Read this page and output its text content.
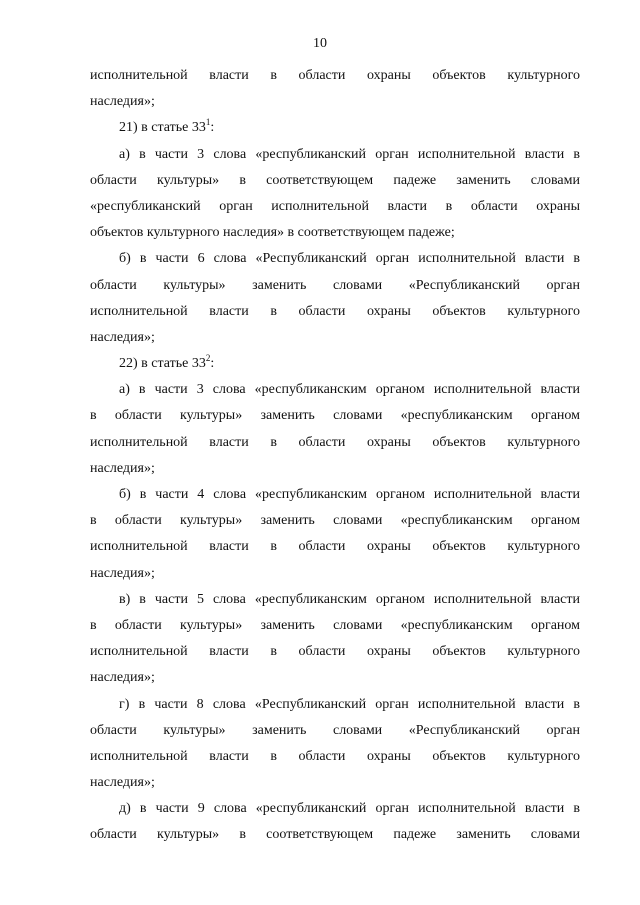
10
исполнительной власти в области охраны объектов культурного
наследия»;
21) в статье $33^1$:
а) в части 3 слова «республиканский орган исполнительной власти в
области культуры» в соответствующем падеже заменить словами
«республиканский орган исполнительной власти в области охраны
объектов культурного наследия» в соответствующем падеже;
б) в части 6 слова «Республиканский орган исполнительной власти в
области культуры» заменить словами «Республиканский орган
исполнительной власти в области охраны объектов культурного
наследия»;
22) в статье $33^2$:
а) в части 3 слова «республиканским органом исполнительной власти
в области культуры» заменить словами «республиканским органом
исполнительной власти в области охраны объектов культурного
наследия»;
б) в части 4 слова «республиканским органом исполнительной власти
в области культуры» заменить словами «республиканским органом
исполнительной власти в области охраны объектов культурного
наследия»;
в) в части 5 слова «республиканским органом исполнительной власти
в области культуры» заменить словами «республиканским органом
исполнительной власти в области охраны объектов культурного
наследия»;
г) в части 8 слова «Республиканский орган исполнительной власти в
области культуры» заменить словами «Республиканский орган
исполнительной власти в области охраны объектов культурного
наследия»;
д) в части 9 слова «республиканский орган исполнительной власти в
области культуры» в соответствующем падеже заменить словами
